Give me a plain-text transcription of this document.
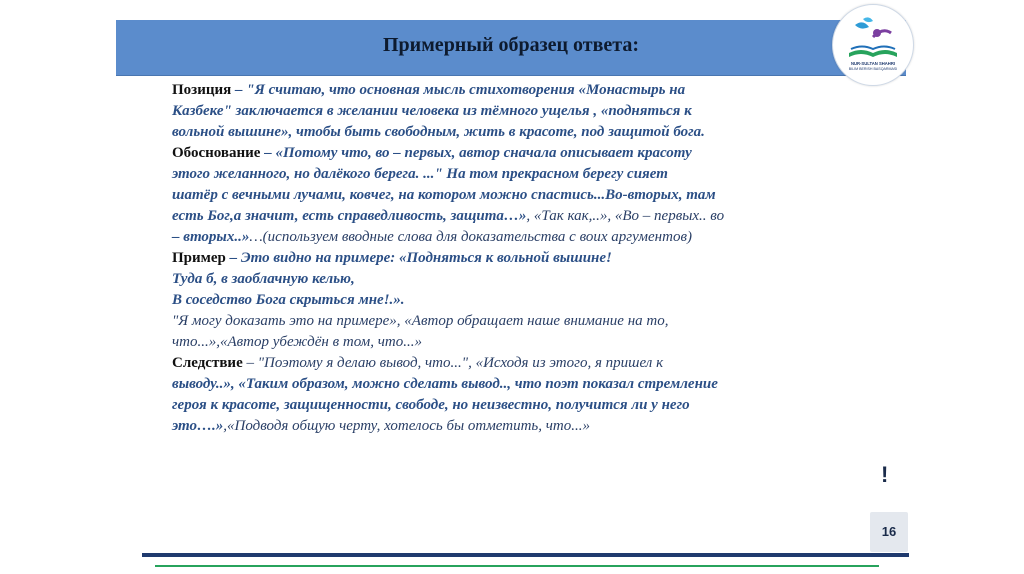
Примерный образец ответа:
NUR-SULTAN SHAHRI
BILIM BERISH BASQARMASI
Позиция – "Я считаю, что основная мысль стихотворения «Монастырь на
Казбеке" заключается в желании человека из тёмного ущелья , «подняться к
вольной вышине», чтобы быть свободным, жить в красоте, под защитой бога.
Обоснование – «Потому что, во – первых, автор сначала описывает красоту
этого желанного, но далёкого берега. ..." На том прекрасном берегу сияет
шатёр с вечными лучами, ковчег, на котором можно спастись...Во-вторых, там
есть Бог,а значит, есть справедливость, защита…», «Так как,..», «Во – первых.. во
– вторых..»…(используем вводные слова для доказательства с воих аргументов)
Пример – Это видно на примере: «Подняться к вольной вышине!
Туда б, в заоблачную келью,
В соседство Бога скрыться мне!.».
"Я могу доказать это на примере», «Автор обращает наше внимание на то,
что...»,«Автор убеждён в том, что...»
Следствие – "Поэтому я делаю вывод, что...", «Исходя из этого, я пришел к
выводу..», «Таким образом, можно сделать вывод.., что поэт показал стремление
героя к красоте, защищенности, свободе, но неизвестно, получится ли у него
это….»,«Подводя общую черту, хотелось бы отметить, что...»
!
16
